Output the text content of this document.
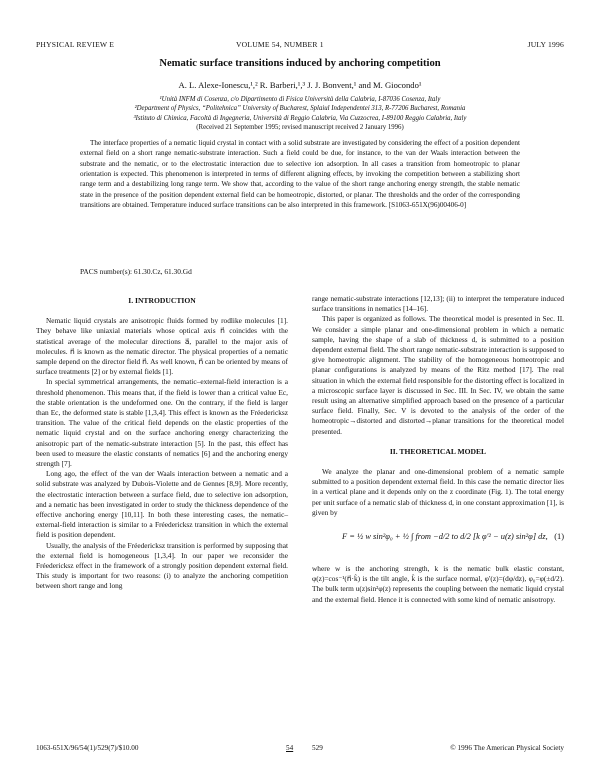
PHYSICAL REVIEW E	VOLUME 54, NUMBER 1	JULY 1996
Nematic surface transitions induced by anchoring competition
A. L. Alexe-Ionescu,¹,² R. Barberi,¹,³ J. J. Bonvent,¹ and M. Giocondo¹
¹Unità INFM di Cosenza, c/o Dipartimento di Fisica Università della Calabria, I-87036 Cosenza, Italy
²Department of Physics, “Politehnica” University of Bucharest, Splaiul Independentei 313, R-77206 Bucharest, Romania
³Istituto di Chimica, Facoltà di Ingegneria, Università di Reggio Calabria, Via Cuzzocrea, I-89100 Reggio Calabria, Italy
(Received 21 September 1995; revised manuscript received 2 January 1996)
The interface properties of a nematic liquid crystal in contact with a solid substrate are investigated by considering the effect of a position dependent external field on a short range nematic-substrate interaction. Such a field could be due, for instance, to the van der Waals interaction between the substrate and the nematic, or to the electrostatic interaction due to selective ion adsorption. In all cases a transition from homeotropic to planar orientation is expected. This phenomenon is interpreted in terms of different aligning effects, by invoking the competition between a stabilizing short range term and a destabilizing long range term. We show that, according to the value of the short range anchoring energy strength, the stable nematic state in the presence of the position dependent external field can be homeotropic, distorted, or planar. The thresholds and the order of the corresponding transitions are obtained. Temperature induced surface transitions can be also interpreted in this framework. [S1063-651X(96)00406-0]
PACS number(s): 61.30.Cz, 61.30.Gd
I. INTRODUCTION

Nematic liquid crystals are anisotropic fluids formed by rodlike molecules [1]. They behave like uniaxial materials whose optical axis n⃗ coincides with the statistical average of the molecular directions a⃗, parallel to the major axis of molecules. n⃗ is known as the nematic director. The physical properties of a nematic sample depend on the director field n⃗. As well known, n⃗ can be oriented by means of surface treatments [2] or by external fields [1].

In special symmetrical arrangements, the nematic–external-field interaction is a threshold phenomenon. This means that, if the field is lower than a critical value Ec, the stable orientation is the undeformed one. On the contrary, if the field is larger than Ec, the deformed state is stable [1,3,4]. This effect is known as the Fréedericksz transition. The value of the critical field depends on the elastic properties of the nematic liquid crystal and on the surface anchoring energy characterizing the anisotropic part of the nematic-substrate interaction [5]. In the past, this effect has been used to measure the elastic constants of nematics [6] and the anchoring energy strength [7].

Long ago, the effect of the van der Waals interaction between a nematic and a solid substrate was analyzed by Dubois-Violette and de Gennes [8,9]. More recently, the electrostatic interaction between a surface field, due to selective ion adsorption, and a nematic has been investigated in order to study the thickness dependence of the effective anchoring energy [10,11]. In both these interesting cases, the nematic–external-field interaction is similar to a Fréedericksz transition in which the external field is position dependent.

Usually, the analysis of the Fréedericksz transition is performed by supposing that the external field is homogeneous [1,3,4]. In our paper we reconsider the Fréedericksz effect in the framework of a strongly position dependent external field. This study is important for two reasons: (i) to analyze the anchoring competition between short range and long

range nematic-substrate interactions [12,13]; (ii) to interpret the temperature induced surface transitions in nematics [14–16].

This paper is organized as follows. The theoretical model is presented in Sec. II. We consider a simple planar and one-dimensional problem in which a nematic sample, having the shape of a slab of thickness d, is submitted to a position dependent external field. The short range nematic-substrate interaction is supposed to give homeotropic alignment. The stability of the homogeneous homeotropic and planar configurations is analyzed by means of the Ritz method [17]. The real situation in which the external field responsible for the distorting effect is localized in a microscopic surface layer is discussed in Sec. III. In Sec. IV, we obtain the same result using an alternative simplified approach based on the presence of a particular surface field. Finally, Sec. V is devoted to the analysis of the order of the homeotropic→distorted and distorted→planar transitions for the theoretical model presented.

II. THEORETICAL MODEL

We analyze the planar and one-dimensional problem of a nematic sample submitted to a position dependent external field. In this case the nematic director lies in a vertical plane and it depends only on the z coordinate (Fig. 1). The total energy per unit surface of a nematic slab of thickness d, in one constant approximation [1], is given by

F = ½ w sin²φ₀ + ½ ∫ from −d/2 to d/2 [k φ′² − u(z) sin²φ] dz, (1)

where w is the anchoring strength, k is the nematic bulk elastic constant, φ(z)=cos⁻¹(n⃗·k̂) is the tilt angle, k̂ is the surface normal, φ′(z)=(dφ/dz), φ₀=φ(±d/2). The bulk term u(z)sin²φ(z) represents the coupling between the nematic liquid crystal and the external field. Hence it is connected with some kind of nematic anisotropy.

1063-651X/96/54(1)/529(7)/$10.00	54	529	© 1996 The American Physical Society
